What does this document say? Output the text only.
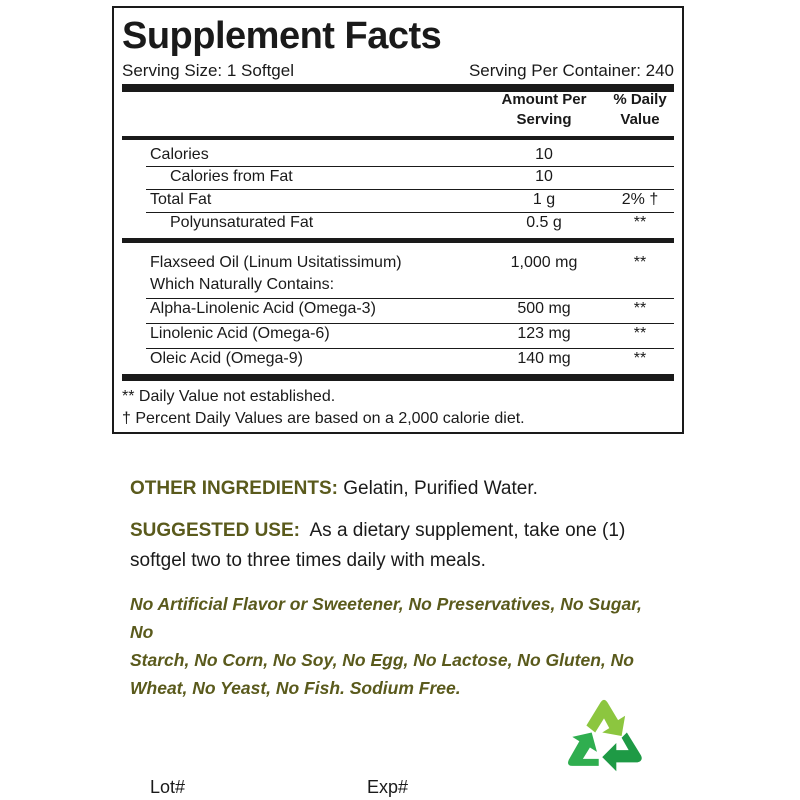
Supplement Facts
Serving Size: 1 Softgel	Serving Per Container: 240
Amount Per
Serving
% Daily
Value
Calories	10
Calories from Fat	10
Total Fat	1 g	2% †
Polyunsaturated Fat	0.5 g	**
Flaxseed Oil (Linum Usitatissimum)	1,000 mg	**
Which Naturally Contains:
Alpha-Linolenic Acid (Omega-3)	500 mg	**
Linolenic Acid (Omega-6)	123 mg	**
Oleic Acid (Omega-9)	140 mg	**
** Daily Value not established.
† Percent Daily Values are based on a 2,000 calorie diet.
OTHER INGREDIENTS: Gelatin, Purified Water.
SUGGESTED USE:  As a dietary supplement, take one (1)
softgel two to three times daily with meals.
No Artificial Flavor or Sweetener, No Preservatives, No Sugar, No
Starch, No Corn, No Soy, No Egg, No Lactose, No Gluten, No
Wheat, No Yeast, No Fish. Sodium Free.
Lot#	Exp#
